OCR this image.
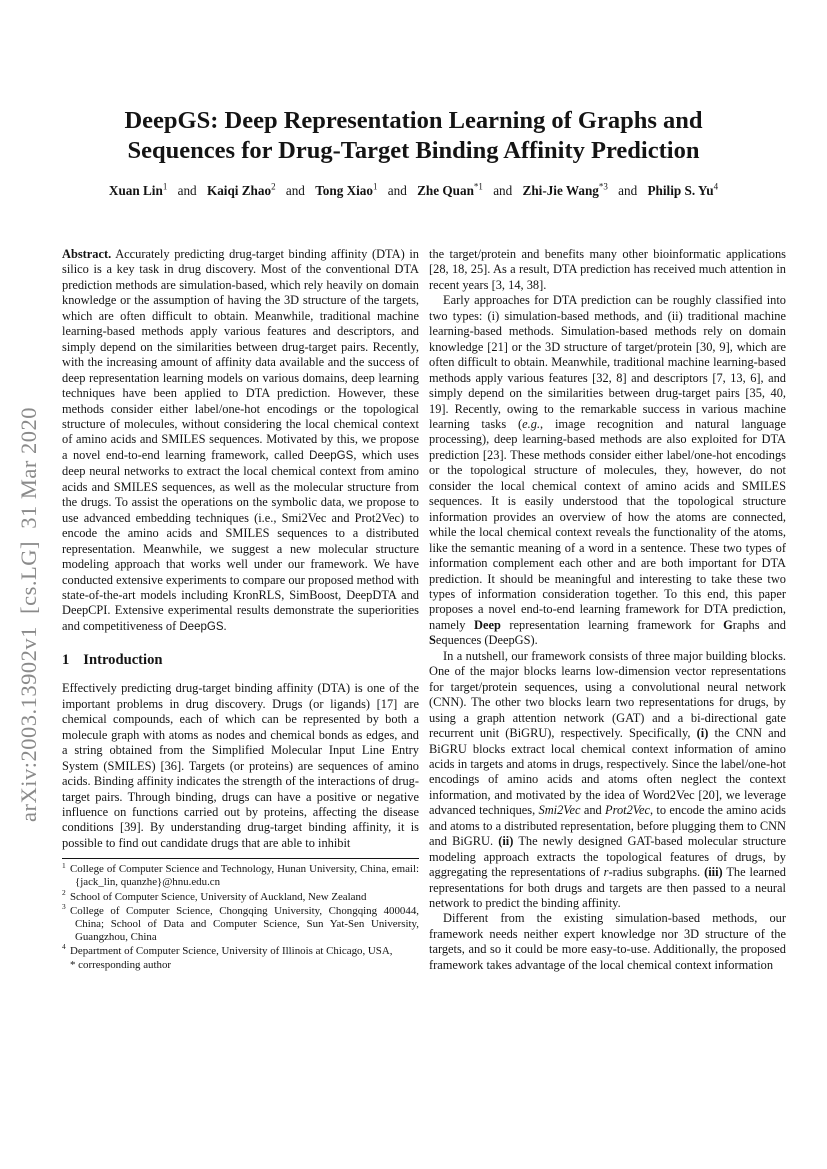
arXiv:2003.13902v1  [cs.LG]  31 Mar 2020
DeepGS: Deep Representation Learning of Graphs and
Sequences for Drug-Target Binding Affinity Prediction
Xuan Lin$^1$ and Kaiqi Zhao$^2$ and Tong Xiao$^1$ and Zhe Quan$^{*1}$ and Zhi-Jie Wang$^{*3}$ and Philip S. Yu$^4$

Abstract. Accurately predicting drug-target binding affinity (DTA) in silico is a key task in drug discovery. Most of the conventional DTA prediction methods are simulation-based, which rely heavily on domain knowledge or the assumption of having the 3D structure of the targets, which are often difficult to obtain. Meanwhile, traditional machine learning-based methods apply various features and descriptors, and simply depend on the similarities between drug-target pairs. Recently, with the increasing amount of affinity data available and the success of deep representation learning models on various domains, deep learning techniques have been applied to DTA prediction. However, these methods consider either label/one-hot encodings or the topological structure of molecules, without considering the local chemical context of amino acids and SMILES sequences. Motivated by this, we propose a novel end-to-end learning framework, called DeepGS, which uses deep neural networks to extract the local chemical context from amino acids and SMILES sequences, as well as the molecular structure from the drugs. To assist the operations on the symbolic data, we propose to use advanced embedding techniques (i.e., Smi2Vec and Prot2Vec) to encode the amino acids and SMILES sequences to a distributed representation. Meanwhile, we suggest a new molecular structure modeling approach that works well under our framework. We have conducted extensive experiments to compare our proposed method with state-of-the-art models including KronRLS, SimBoost, DeepDTA and DeepCPI. Extensive experimental results demonstrate the superiorities and competitiveness of DeepGS.

1 Introduction

Effectively predicting drug-target binding affinity (DTA) is one of the important problems in drug discovery. Drugs (or ligands) [17] are chemical compounds, each of which can be represented by both a molecule graph with atoms as nodes and chemical bonds as edges, and a string obtained from the Simplified Molecular Input Line Entry System (SMILES) [36]. Targets (or proteins) are sequences of amino acids. Binding affinity indicates the strength of the interactions of drug-target pairs. Through binding, drugs can have a positive or negative influence on functions carried out by proteins, affecting the disease conditions [39]. By understanding drug-target binding affinity, it is possible to find out candidate drugs that are able to inhibit

$^1$ College of Computer Science and Technology, Hunan University, China, email: {jack_lin, quanzhe}@hnu.edu.cn

$^2$ School of Computer Science, University of Auckland, New Zealand

$^3$ College of Computer Science, Chongqing University, Chongqing 400044, China; School of Data and Computer Science, Sun Yat-Sen University, Guangzhou, China

$^4$ Department of Computer Science, University of Illinois at Chicago, USA,

* corresponding author

the target/protein and benefits many other bioinformatic applications [28, 18, 25]. As a result, DTA prediction has received much attention in recent years [3, 14, 38].

Early approaches for DTA prediction can be roughly classified into two types: (i) simulation-based methods, and (ii) traditional machine learning-based methods. Simulation-based methods rely on domain knowledge [21] or the 3D structure of target/protein [30, 9], which are often difficult to obtain. Meanwhile, traditional machine learning-based methods apply various features [32, 8] and descriptors [7, 13, 6], and simply depend on the similarities between drug-target pairs [35, 40, 19]. Recently, owing to the remarkable success in various machine learning tasks (e.g., image recognition and natural language processing), deep learning-based methods are also exploited for DTA prediction [23]. These methods consider either label/one-hot encodings or the topological structure of molecules, they, however, do not consider the local chemical context of amino acids and SMILES sequences. It is easily understood that the topological structure information provides an overview of how the atoms are connected, while the local chemical context reveals the functionality of the atoms, like the semantic meaning of a word in a sentence. These two types of information complement each other and are both important for DTA prediction. It should be meaningful and interesting to take these two types of information consideration together. To this end, this paper proposes a novel end-to-end learning framework for DTA prediction, namely Deep representation learning framework for Graphs and Sequences (DeepGS).

In a nutshell, our framework consists of three major building blocks. One of the major blocks learns low-dimension vector representations for target/protein sequences, using a convolutional neural network (CNN). The other two blocks learn two representations for drugs, by using a graph attention network (GAT) and a bi-directional gate recurrent unit (BiGRU), respectively. Specifically, (i) the CNN and BiGRU blocks extract local chemical context information of amino acids in targets and atoms in drugs, respectively. Since the label/one-hot encodings of amino acids and atoms often neglect the context information, and motivated by the idea of Word2Vec [20], we leverage advanced techniques, Smi2Vec and Prot2Vec, to encode the amino acids and atoms to a distributed representation, before plugging them to CNN and BiGRU. (ii) The newly designed GAT-based molecular structure modeling approach extracts the topological features of drugs, by aggregating the representations of r-radius subgraphs. (iii) The learned representations for both drugs and targets are then passed to a neural network to predict the binding affinity.

Different from the existing simulation-based methods, our framework needs neither expert knowledge nor 3D structure of the targets, and so it could be more easy-to-use. Additionally, the proposed framework takes advantage of the local chemical context information
